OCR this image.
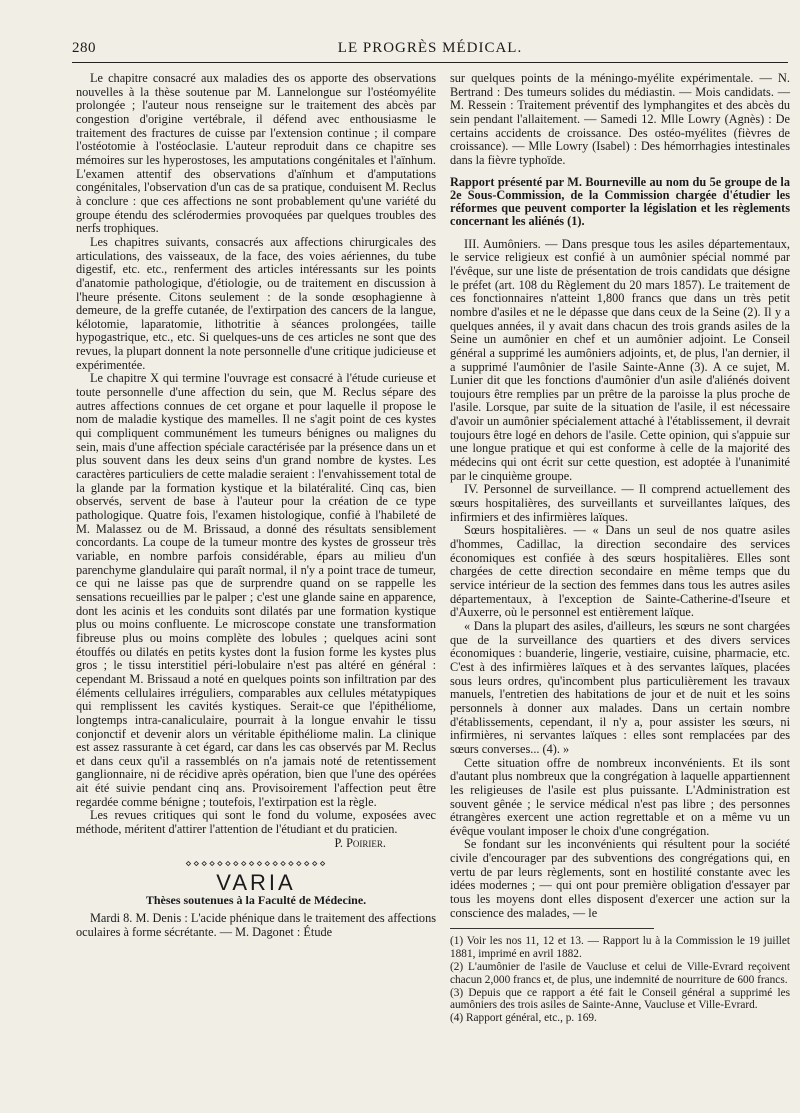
280	LE PROGRÈS MÉDICAL.

Le chapitre consacré aux maladies des os apporte des observations nouvelles à la thèse soutenue par M. Lannelongue sur l'ostéomyélite prolongée ; l'auteur nous renseigne sur le traitement des abcès par congestion d'origine vertébrale, il défend avec enthousiasme le traitement des fractures de cuisse par l'extension continue ; il compare l'ostéotomie à l'ostéoclasie. L'auteur reproduit dans ce chapitre ses mémoires sur les hyperostoses, les amputations congénitales et l'aïnhum. L'examen attentif des observations d'aïnhum et d'amputations congénitales, l'observation d'un cas de sa pratique, conduisent M. Reclus à conclure : que ces affections ne sont probablement qu'une variété du groupe étendu des sclérodermies provoquées par quelques troubles des nerfs trophiques.

Les chapitres suivants, consacrés aux affections chirurgicales des articulations, des vaisseaux, de la face, des voies aériennes, du tube digestif, etc. etc., renferment des articles intéressants sur les points d'anatomie pathologique, d'étiologie, ou de traitement en discussion à l'heure présente. Citons seulement : de la sonde œsophagienne à demeure, de la greffe cutanée, de l'extirpation des cancers de la langue, kélotomie, laparatomie, lithotritie à séances prolongées, taille hypogastrique, etc., etc. Si quelques-uns de ces articles ne sont que des revues, la plupart donnent la note personnelle d'une critique judicieuse et expérimentée.

Le chapitre X qui termine l'ouvrage est consacré à l'étude curieuse et toute personnelle d'une affection du sein, que M. Reclus sépare des autres affections connues de cet organe et pour laquelle il propose le nom de maladie kystique des mamelles. Il ne s'agit point de ces kystes qui compliquent communément les tumeurs bénignes ou malignes du sein, mais d'une affection spéciale caractérisée par la présence dans un et plus souvent dans les deux seins d'un grand nombre de kystes. Les caractères particuliers de cette maladie seraient : l'envahissement total de la glande par la formation kystique et la bilatéralité. Cinq cas, bien observés, servent de base à l'auteur pour la création de ce type pathologique. Quatre fois, l'examen histologique, confié à l'habileté de M. Malassez ou de M. Brissaud, a donné des résultats sensiblement concordants. La coupe de la tumeur montre des kystes de grosseur très variable, en nombre parfois considérable, épars au milieu d'un parenchyme glandulaire qui paraît normal, il n'y a point trace de tumeur, ce qui ne laisse pas que de surprendre quand on se rappelle les sensations recueillies par le palper ; c'est une glande saine en apparence, dont les acinis et les conduits sont dilatés par une formation kystique plus ou moins confluente. Le microscope constate une transformation fibreuse plus ou moins complète des lobules ; quelques acini sont étouffés ou dilatés en petits kystes dont la fusion forme les kystes plus gros ; le tissu interstitiel péri-lobulaire n'est pas altéré en général : cependant M. Brissaud a noté en quelques points son infiltration par des éléments cellulaires irréguliers, comparables aux cellules métatypiques qui remplissent les cavités kystiques. Serait-ce que l'épithéliome, longtemps intra-canaliculaire, pourrait à la longue envahir le tissu conjonctif et devenir alors un véritable épithéliome malin. La clinique est assez rassurante à cet égard, car dans les cas observés par M. Reclus et dans ceux qu'il a rassemblés on n'a jamais noté de retentissement ganglionnaire, ni de récidive après opération, bien que l'une des opérées ait été suivie pendant cinq ans. Provisoirement l'affection peut être regardée comme bénigne ; toutefois, l'extirpation est la règle.

Les revues critiques qui sont le fond du volume, exposées avec méthode, méritent d'attirer l'attention de l'étudiant et du praticien.

P. Poirier.

⋄⋄⋄⋄⋄⋄⋄⋄⋄⋄⋄⋄⋄⋄⋄⋄⋄⋄
VARIA
Thèses soutenues à la Faculté de Médecine.

Mardi 8. M. Denis : L'acide phénique dans le traitement des affections oculaires à forme sécrétante. — M. Dagonet : Étude

sur quelques points de la méningo-myélite expérimentale. — N. Bertrand : Des tumeurs solides du médiastin. — Mois candidats. — M. Ressein : Traitement préventif des lymphangites et des abcès du sein pendant l'allaitement. — Samedi 12. Mlle Lowry (Agnès) : De certains accidents de croissance. Des ostéo-myélites (fièvres de croissance). — Mlle Lowry (Isabel) : Des hémorrhagies intestinales dans la fièvre typhoïde.

Rapport présenté par M. Bourneville au nom du 5e groupe de la 2e Sous-Commission, de la Commission chargée d'étudier les réformes que peuvent comporter la législation et les règlements concernant les aliénés (1).

III. Aumôniers. — Dans presque tous les asiles départementaux, le service religieux est confié à un aumônier spécial nommé par l'évêque, sur une liste de présentation de trois candidats que désigne le préfet (art. 108 du Règlement du 20 mars 1857). Le traitement de ces fonctionnaires n'atteint 1,800 francs que dans un très petit nombre d'asiles et ne le dépasse que dans ceux de la Seine (2). Il y a quelques années, il y avait dans chacun des trois grands asiles de la Seine un aumônier en chef et un aumônier adjoint. Le Conseil général a supprimé les aumôniers adjoints, et, de plus, l'an dernier, il a supprimé l'aumônier de l'asile Sainte-Anne (3). A ce sujet, M. Lunier dit que les fonctions d'aumônier d'un asile d'aliénés doivent toujours être remplies par un prêtre de la paroisse la plus proche de l'asile. Lorsque, par suite de la situation de l'asile, il est nécessaire d'avoir un aumônier spécialement attaché à l'établissement, il devrait toujours être logé en dehors de l'asile. Cette opinion, qui s'appuie sur une longue pratique et qui est conforme à celle de la majorité des médecins qui ont écrit sur cette question, est adoptée à l'unanimité par le cinquième groupe.

IV. Personnel de surveillance. — Il comprend actuellement des sœurs hospitalières, des surveillants et surveillantes laïques, des infirmiers et des infirmières laïques.

Sœurs hospitalières. — « Dans un seul de nos quatre asiles d'hommes, Cadillac, la direction secondaire des services économiques est confiée à des sœurs hospitalières. Elles sont chargées de cette direction secondaire en même temps que du service intérieur de la section des femmes dans tous les autres asiles départementaux, à l'exception de Sainte-Catherine-d'Iseure et d'Auxerre, où le personnel est entièrement laïque.

« Dans la plupart des asiles, d'ailleurs, les sœurs ne sont chargées que de la surveillance des quartiers et des divers services économiques : buanderie, lingerie, vestiaire, cuisine, pharmacie, etc. C'est à des infirmières laïques et à des servantes laïques, placées sous leurs ordres, qu'incombent plus particulièrement les travaux manuels, l'entretien des habitations de jour et de nuit et les soins personnels à donner aux malades. Dans un certain nombre d'établissements, cependant, il n'y a, pour assister les sœurs, ni infirmières, ni servantes laïques : elles sont remplacées par des sœurs converses... (4). »

Cette situation offre de nombreux inconvénients. Et ils sont d'autant plus nombreux que la congrégation à laquelle appartiennent les religieuses de l'asile est plus puissante. L'Administration est souvent gênée ; le service médical n'est pas libre ; des personnes étrangères exercent une action regrettable et on a même vu un évêque voulant imposer le choix d'une congrégation.

Se fondant sur les inconvénients qui résultent pour la société civile d'encourager par des subventions des congrégations qui, en vertu de par leurs règlements, sont en hostilité constante avec les idées modernes ; — qui ont pour première obligation d'essayer par tous les moyens dont elles disposent d'exercer une action sur la conscience des malades, — le

(1) Voir les nos 11, 12 et 13. — Rapport lu à la Commission le 19 juillet 1881, imprimé en avril 1882.

(2) L'aumônier de l'asile de Vaucluse et celui de Ville-Evrard reçoivent chacun 2,000 francs et, de plus, une indemnité de nourriture de 600 francs.

(3) Depuis que ce rapport a été fait le Conseil général a supprimé les aumôniers des trois asiles de Sainte-Anne, Vaucluse et Ville-Evrard.

(4) Rapport général, etc., p. 169.
